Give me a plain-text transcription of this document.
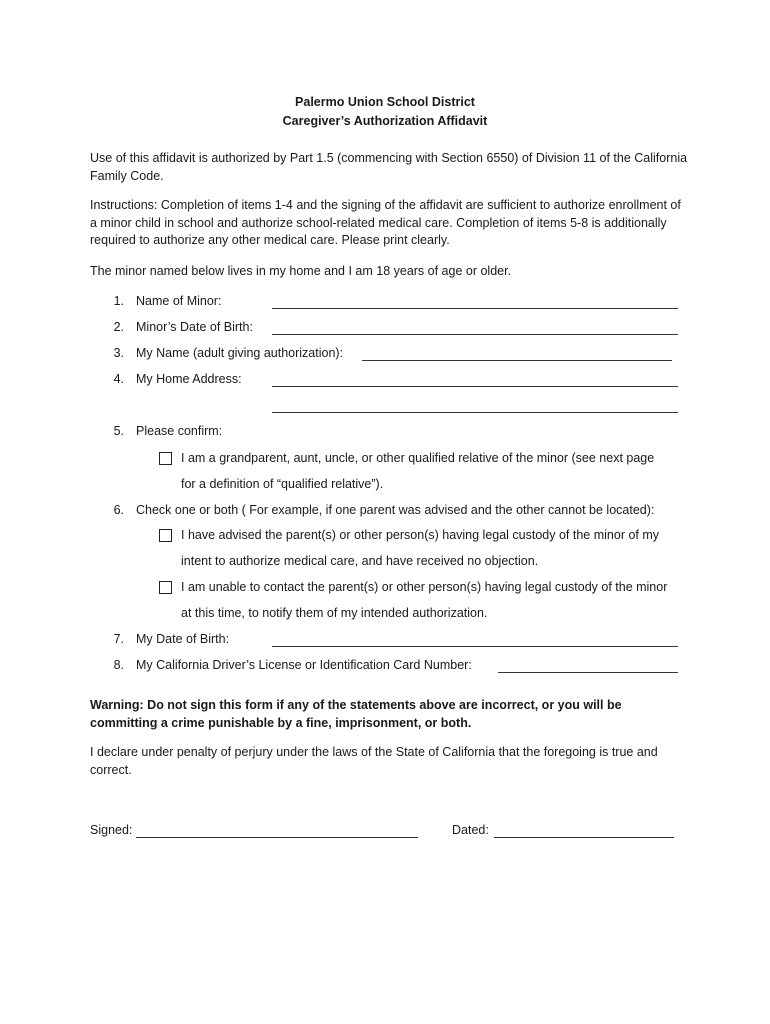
Palermo Union School District
Caregiver’s Authorization Affidavit
Use of this affidavit is authorized by Part 1.5 (commencing with Section 6550) of Division 11 of the California Family Code.
Instructions: Completion of items 1-4 and the signing of the affidavit are sufficient to authorize enrollment of a minor child in school and authorize school-related medical care. Completion of items 5-8 is additionally required to authorize any other medical care. Please print clearly.
The minor named below lives in my home and I am 18 years of age or older.
1. Name of Minor:
2. Minor’s Date of Birth:
3. My Name (adult giving authorization):
4. My Home Address:
5. Please confirm:
I am a grandparent, aunt, uncle, or other qualified relative of the minor (see next page
for a definition of “qualified relative”).
6. Check one or both ( For example, if one parent was advised and the other cannot be located):
I have advised the parent(s) or other person(s) having legal custody of the minor of my
intent to authorize medical care, and have received no objection.
I am unable to contact the parent(s) or other person(s) having legal custody of the minor
at this time, to notify them of my intended authorization.
7. My Date of Birth:
8. My California Driver’s License or Identification Card Number:
Warning: Do not sign this form if any of the statements above are incorrect, or you will be committing a crime punishable by a fine, imprisonment, or both.
I declare under penalty of perjury under the laws of the State of California that the foregoing is true and correct.
Signed:	Dated:
